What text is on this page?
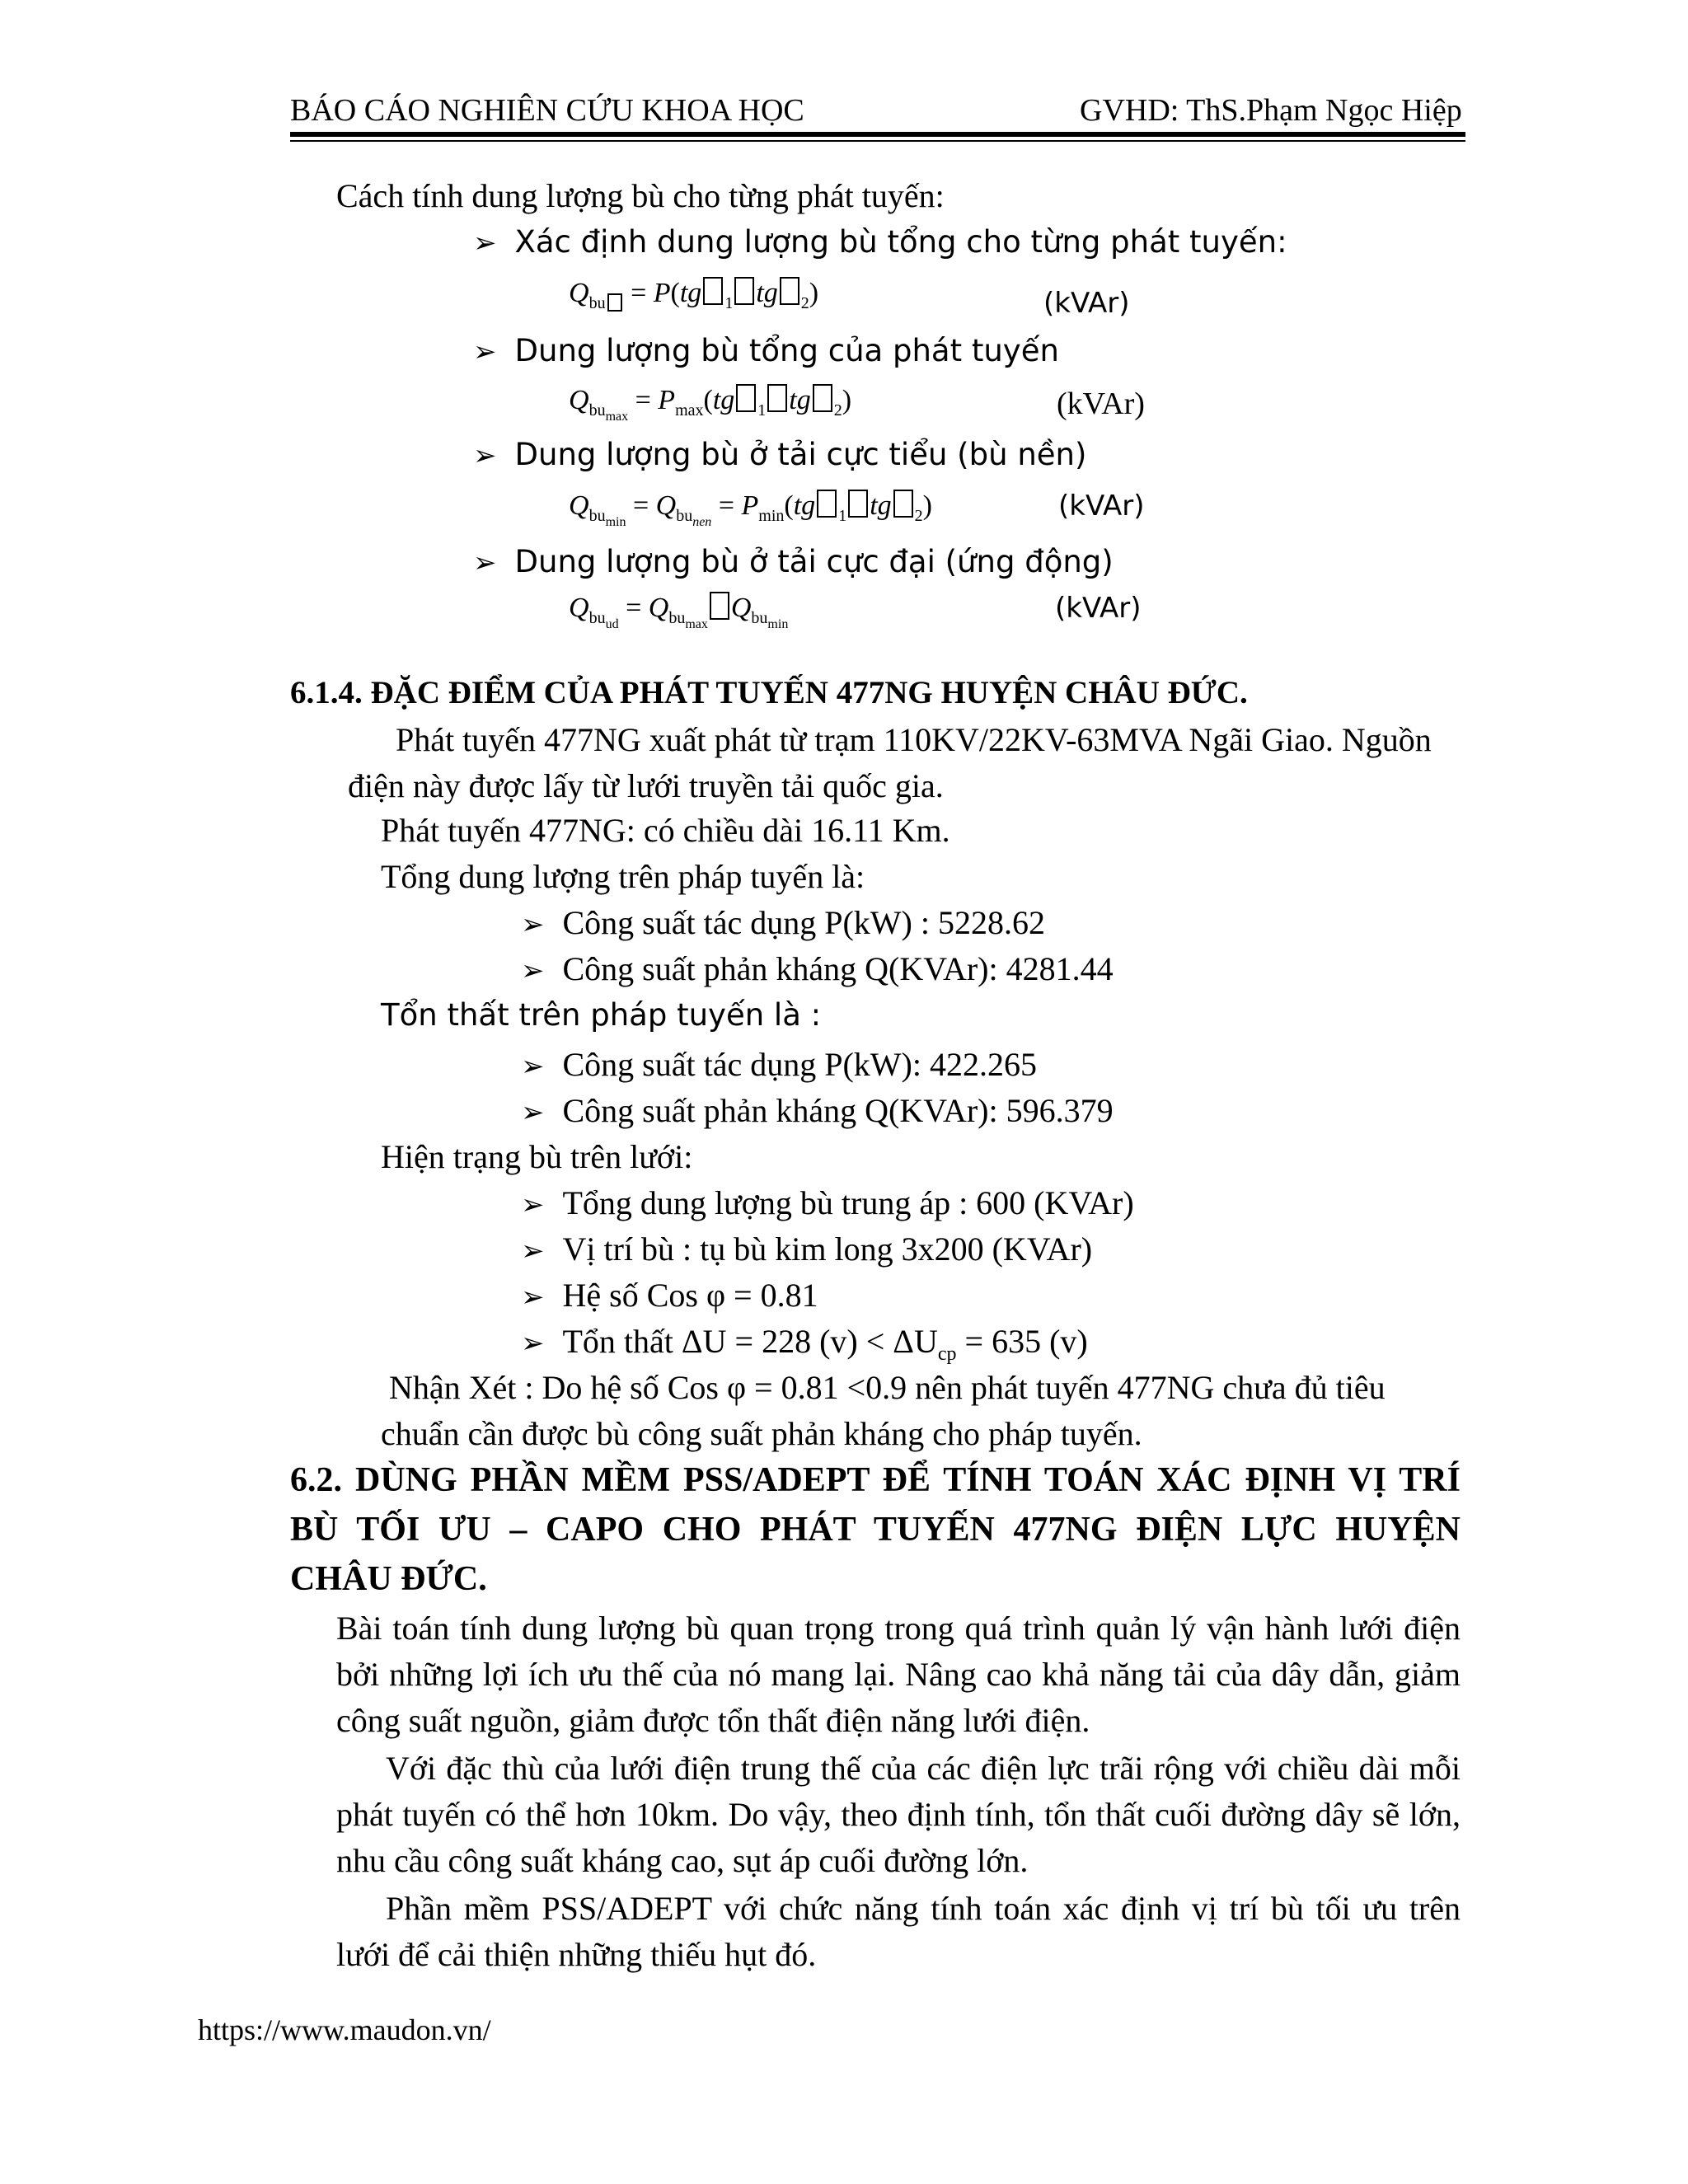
BÁO CÁO NGHIÊN CỨU KHOA HỌC	GVHD: ThS.Phạm Ngọc Hiệp
Cách tính dung lượng bù cho từng phát tuyến:
➢ Xác định dung lượng bù tổng cho từng phát tuyến:
$Q_{bu} = P(tg$ $_1$ tg $_2$)	(kVAr)
➢ Dung lượng bù tổng của phát tuyến
$Q_{bu_{max}} = P_{max}(tg$ $_1$ tg $_2$)	(kVAr)
➢ Dung lượng bù ở tải cực tiểu (bù nền)
$Q_{bu_{min}} = Q_{bu_{nen}} = P_{min}(tg$ $_1$ tg $_2$)	(kVAr)
➢ Dung lượng bù ở tải cực đại (ứng động)
$Q_{bu_{ud}} = Q_{bu_{max}}Q_{bu_{min}}$	(kVAr)
6.1.4. ĐẶC ĐIỂM CỦA PHÁT TUYẾN 477NG HUYỆN CHÂU ĐỨC.
Phát tuyến 477NG xuất phát từ trạm 110KV/22KV-63MVA Ngãi Giao. Nguồn
điện này được lấy từ lưới truyền tải quốc gia.
Phát tuyến 477NG: có chiều dài 16.11 Km.
Tổng dung lượng trên pháp tuyến là:
➢ Công suất tác dụng P(kW) : 5228.62
➢ Công suất phản kháng Q(KVAr): 4281.44
Tổn thất trên pháp tuyến là :
➢ Công suất tác dụng P(kW): 422.265
➢ Công suất phản kháng Q(KVAr): 596.379
Hiện trạng bù trên lưới:
➢ Tổng dung lượng bù trung áp : 600 (KVAr)
➢ Vị trí bù : tụ bù kim long 3x200 (KVAr)
➢ Hệ số Cos φ = 0.81
➢ Tổn thất ΔU = 228 $(v) < \Delta U_{cp} = 635$ (v)
Nhận Xét : Do hệ số Cos φ = 0.81 <0.9 nên phát tuyến 477NG chưa đủ tiêu
chuẩn cần được bù công suất phản kháng cho pháp tuyến.
6.2. DÙNG PHẦN MỀM PSS/ADEPT ĐỂ TÍNH TOÁN XÁC ĐỊNH VỊ TRÍ
BÙ TỐI ƯU – CAPO CHO PHÁT TUYẾN 477NG ĐIỆN LỰC HUYỆN
CHÂU ĐỨC.
Bài toán tính dung lượng bù quan trọng trong quá trình quản lý vận hành lưới điện
bởi những lợi ích ưu thế của nó mang lại. Nâng cao khả năng tải của dây dẫn, giảm
công suất nguồn, giảm được tổn thất điện năng lưới điện.
Với đặc thù của lưới điện trung thế của các điện lực trãi rộng với chiều dài mỗi
phát tuyến có thể hơn 10km. Do vậy, theo định tính, tổn thất cuối đường dây sẽ lớn,
nhu cầu công suất kháng cao, sụt áp cuối đường lớn.
Phần mềm PSS/ADEPT với chức năng tính toán xác định vị trí bù tối ưu trên
lưới để cải thiện những thiếu hụt đó.
https://www.maudon.vn/
